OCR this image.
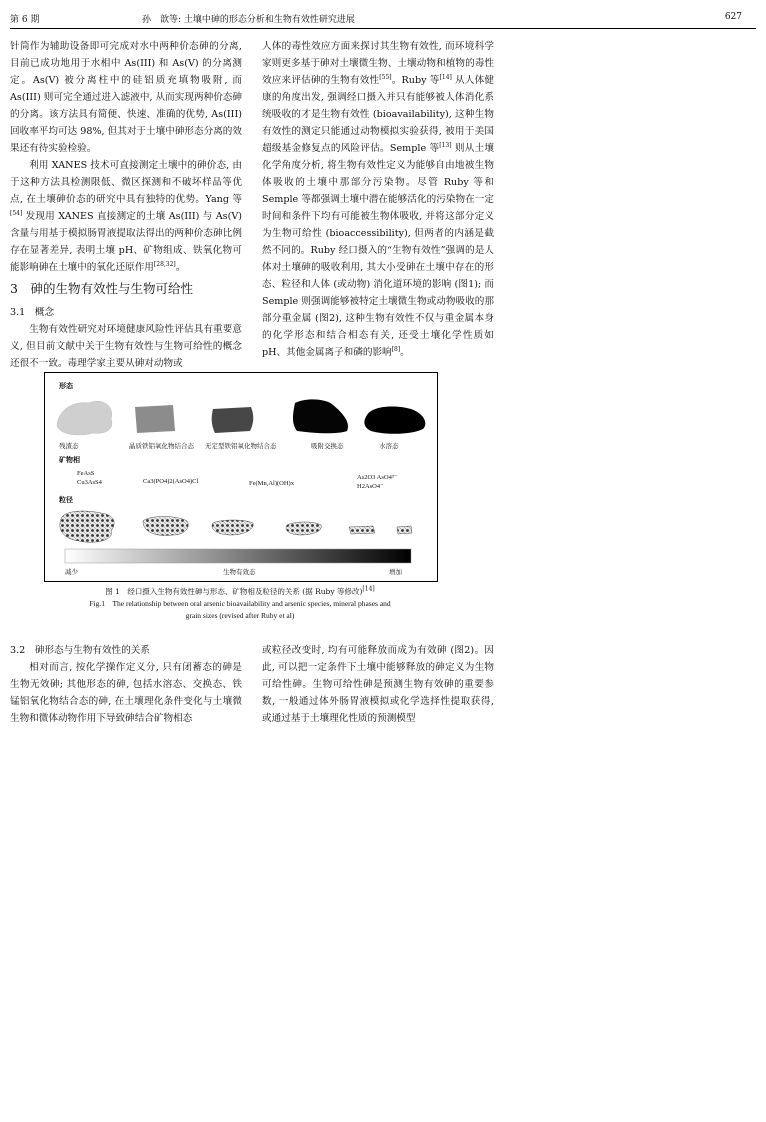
第 6 期	孙　歆等: 土壤中砷的形态分析和生物有效性研究进展	627

针筒作为辅助设备即可完成对水中两种价态砷的分离, 目前已成功地用于水相中 As(III) 和 As(V) 的分离测定。As(V) 被分离柱中的硅铝质充填物吸附, 而 As(III) 则可完全通过进入滤液中, 从而实现两种价态砷的分离。该方法具有简便、快速、准确的优势, As(III) 回收率平均可达 98%, 但其对于土壤中砷形态分离的效果还有待实验检验。

利用 XANES 技术可直接测定土壤中的砷价态, 由于这种方法具检测限低、微区探测和不破坏样品等优点, 在土壤砷价态的研究中具有独特的优势。Yang 等[54] 发现用 XANES 直接测定的土壤 As(III) 与 As(V) 含量与用基于模拟肠胃液提取法得出的两种价态砷比例存在显著差异, 表明土壤 pH、矿物组成、铁氧化物可能影响砷在土壤中的氧化还原作用[28,32]。

3　砷的生物有效性与生物可给性
3.1　概念

生物有效性研究对环境健康风险性评估具有重要意义, 但目前文献中关于生物有效性与生物可给性的概念还很不一致。毒理学家主要从砷对动物或

人体的毒性效应方面来探讨其生物有效性, 而环境科学家则更多基于砷对土壤微生物、土壤动物和植物的毒性效应来评估砷的生物有效性[55]。Ruby 等[14] 从人体健康的角度出发, 强调经口摄入并只有能够被人体消化系统吸收的才是生物有效性 (bioavailability), 这种生物有效性的测定只能通过动物模拟实验获得, 被用于美国超级基金修复点的风险评估。Semple 等[13] 则从土壤化学角度分析, 将生物有效性定义为能够自由地被生物体吸收的土壤中那部分污染物。尽管 Ruby 等和 Semple 等都强调土壤中潜在能够活化的污染物在一定时间和条件下均有可能被生物体吸收, 并将这部分定义为生物可给性 (bioaccessibility), 但两者的内涵是截然不同的。Ruby 经口摄入的“生物有效性”强调的是人体对土壤砷的吸收利用, 其大小受砷在土壤中存在的形态、粒径和人体 (或动物) 消化道环境的影响 (图1); 而 Semple 则强调能够被特定土壤微生物或动物吸收的那部分重金属 (图2), 这种生物有效性不仅与重金属本身的化学形态和结合相态有关, 还受土壤化学性质如 pH、其他金属离子和磷的影响[8]。

形态
残渣态	晶质铁铝氧化物结合态 无定型铁铝氧化物结合态	吸附交换态	水溶态
矿物相
FeAsS
Cu3AsS4	Ca3(PO4)2(AsO4)Cl	Fe(Mn,Al)(OH)x
As2O3 AsO4³⁻
H2AsO4⁻
粒径
减少	生物有效态	增加
图 1　经口摄入生物有效性砷与形态、矿物相及粒径的关系 (据 Ruby 等修改)[14]
Fig.1　The relationship between oral arsenic bioavailability and arsenic species, mineral phases and
grain sizes (revised after Ruby et al)
3.2　砷形态与生物有效性的关系

相对而言, 按化学操作定义分, 只有闭蓄态的砷是生物无效砷; 其他形态的砷, 包括水溶态、交换态、铁锰铝氧化物结合态的砷, 在土壤理化条件变化与土壤微生物和微体动物作用下导致砷结合矿物相态

或粒径改变时, 均有可能释放而成为有效砷 (图2)。因此, 可以把一定条件下土壤中能够释放的砷定义为生物可给性砷。生物可给性砷是预测生物有效砷的重要参数, 一般通过体外肠胃液模拟或化学选择性提取获得, 或通过基于土壤理化性质的预测模型
